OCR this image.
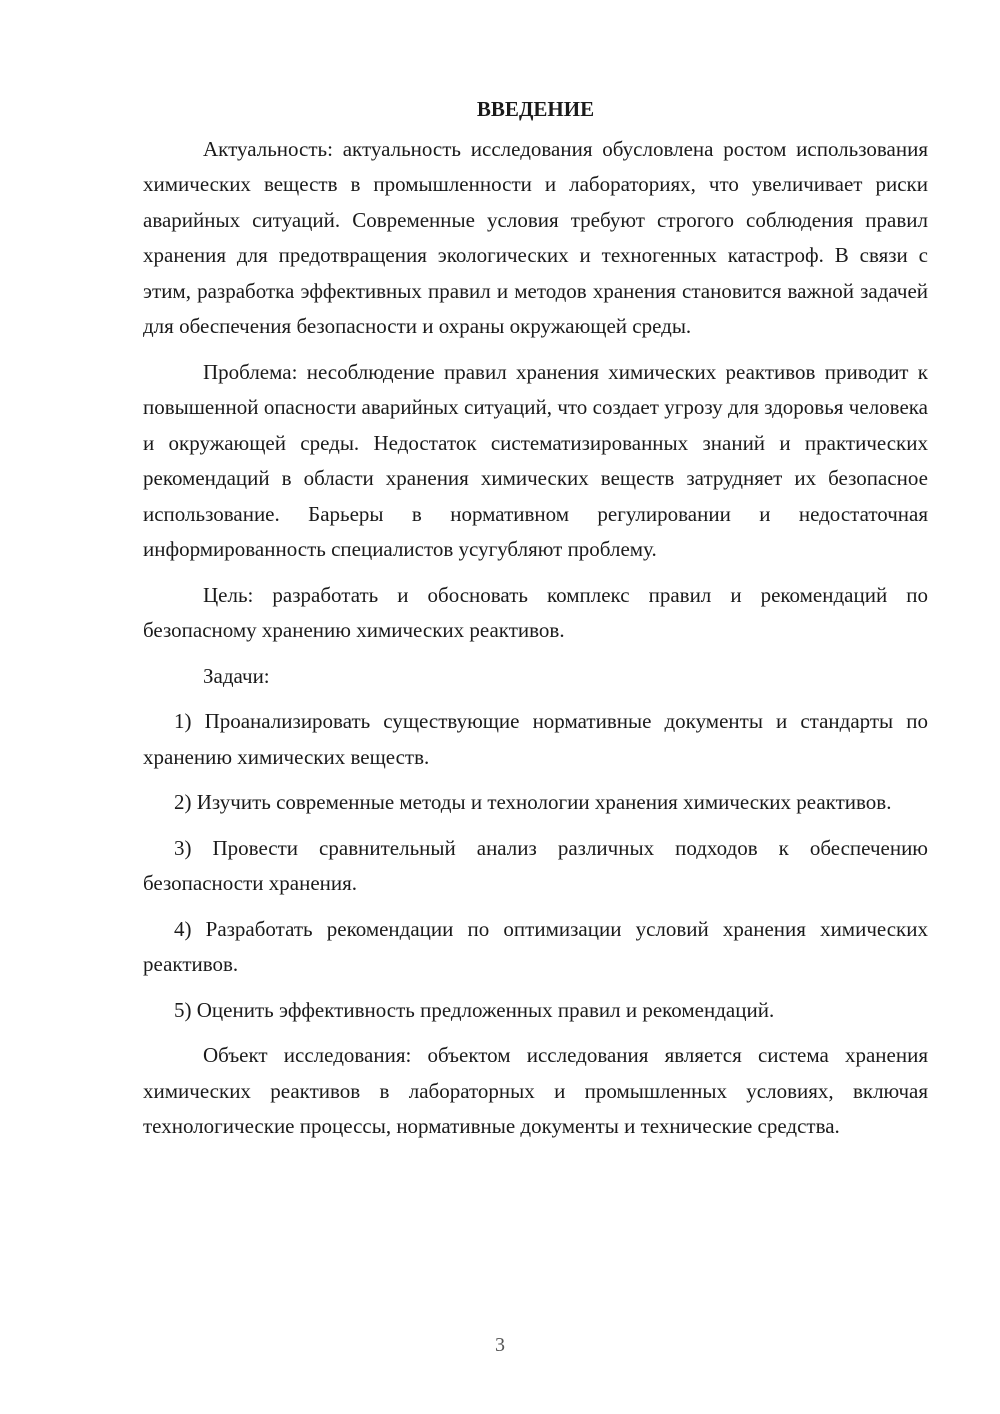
ВВЕДЕНИЕ

Актуальность: актуальность исследования обусловлена ростом использования химических веществ в промышленности и лабораториях, что увеличивает риски аварийных ситуаций. Современные условия требуют строгого соблюдения правил хранения для предотвращения экологических и техногенных катастроф. В связи с этим, разработка эффективных правил и методов хранения становится важной задачей для обеспечения безопасности и охраны окружающей среды.

Проблема: несоблюдение правил хранения химических реактивов приводит к повышенной опасности аварийных ситуаций, что создает угрозу для здоровья человека и окружающей среды. Недостаток систематизированных знаний и практических рекомендаций в области хранения химических веществ затрудняет их безопасное использование. Барьеры в нормативном регулировании и недостаточная информированность специалистов усугубляют проблему.

Цель: разработать и обосновать комплекс правил и рекомендаций по безопасному хранению химических реактивов.

Задачи:

1) Проанализировать существующие нормативные документы и стандарты по хранению химических веществ.

2) Изучить современные методы и технологии хранения химических реактивов.

3) Провести сравнительный анализ различных подходов к обеспечению безопасности хранения.

4) Разработать рекомендации по оптимизации условий хранения химических реактивов.

5) Оценить эффективность предложенных правил и рекомендаций.

Объект исследования: объектом исследования является система хранения химических реактивов в лабораторных и промышленных условиях, включая технологические процессы, нормативные документы и технические средства.

3
